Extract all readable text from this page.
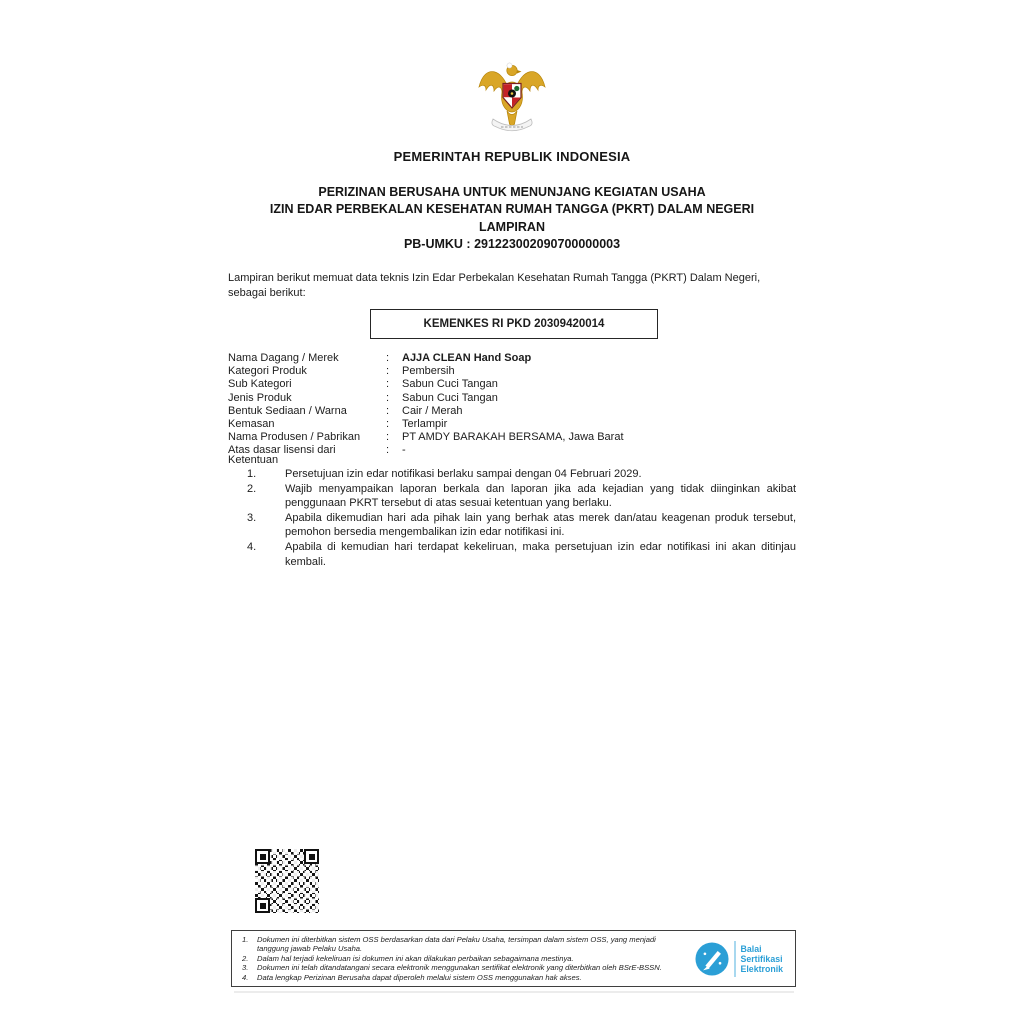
PEMERINTAH REPUBLIK INDONESIA
PERIZINAN BERUSAHA UNTUK MENUNJANG KEGIATAN USAHA
IZIN EDAR PERBEKALAN KESEHATAN RUMAH TANGGA (PKRT) DALAM NEGERI
LAMPIRAN
PB-UMKU : 291223002090700000003
Lampiran berikut memuat data teknis Izin Edar Perbekalan Kesehatan Rumah Tangga (PKRT) Dalam Negeri, sebagai berikut:
KEMENKES RI PKD 20309420014
Nama Dagang / Merek	:	AJJA CLEAN Hand Soap
Kategori Produk	:	Pembersih
Sub Kategori	:	Sabun Cuci Tangan
Jenis Produk	:	Sabun Cuci Tangan
Bentuk Sediaan / Warna	:	Cair / Merah
Kemasan	:	Terlampir
Nama Produsen / Pabrikan	:	PT AMDY BARAKAH BERSAMA, Jawa Barat
Atas dasar lisensi dari	:	-
Ketentuan
1.	Persetujuan izin edar notifikasi berlaku sampai dengan 04 Februari 2029.
2.	Wajib menyampaikan laporan berkala dan laporan jika ada kejadian yang tidak diinginkan akibat penggunaan PKRT tersebut di atas sesuai ketentuan yang berlaku.
3.	Apabila dikemudian hari ada pihak lain yang berhak atas merek dan/atau keagenan produk tersebut, pemohon bersedia mengembalikan izin edar notifikasi ini.
4.	Apabila di kemudian hari terdapat kekeliruan, maka persetujuan izin edar notifikasi ini akan ditinjau kembali.
1.	Dokumen ini diterbitkan sistem OSS berdasarkan data dari Pelaku Usaha, tersimpan dalam sistem OSS, yang menjadi tanggung jawab Pelaku Usaha.
2.	Dalam hal terjadi kekeliruan isi dokumen ini akan dilakukan perbaikan sebagaimana mestinya.
3.	Dokumen ini telah ditandatangani secara elektronik menggunakan sertifikat elektronik yang diterbitkan oleh BSrE-BSSN.
4.	Data lengkap Perizinan Berusaha dapat diperoleh melalui sistem OSS menggunakan hak akses.
Balai
Sertifikasi
Elektronik
